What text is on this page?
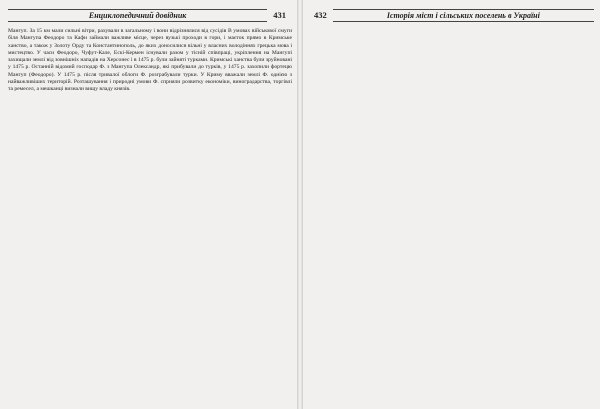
Енциклопедичний довідник	431

Мангуп. За 15 км мали сильні вітри, рахували в загальному і вони відрізнялися від сусідів В умовах військової смуги біля Мангупа Феодоро та Кафи займали важливе місце, через вузькі проходи в гори, і маєток прямо в Кримське ханство, а також у Золоту Орду та Константинополь, до яких доносилися вільні у власних володіннях грецька мова і мистецтво. У часи Феодоро, Чуфут-Кале, Ескі-Кермен існували разом у тісній співпраці, укріплення на Мангупі захищали землі від зовнішніх нападів на Херсонес і в 1475 р. були зайняті турками. Кримські ханства були зруйновані у 1475 р. Останній відомий господар Ф. з Мангупа Олександр, які прибували до турків, у 1475 р. захопили фортецю Мангуп (Феодоро). У 1475 р. після тривалої облоги Ф. розграбували турки. У Криму вважали землі Ф. однією з найважливіших територій. Розташування і природні умови Ф. сприяли розвитку економіки, виноградарства, торгівлі та ремесел, а мешканці визнали вищу владу князів.

432	Історія міст і сільських поселень в Україні
